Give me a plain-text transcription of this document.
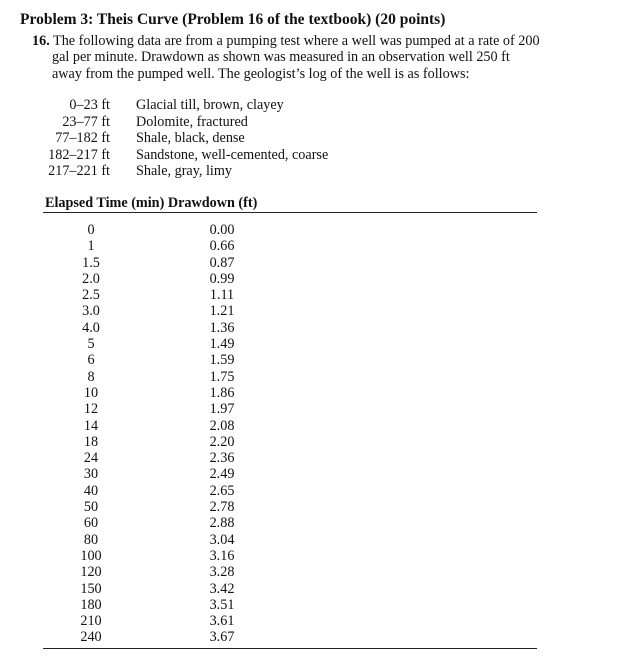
Problem 3: Theis Curve (Problem 16 of the textbook) (20 points)
16. The following data are from a pumping test where a well was pumped at a rate of 200
gal per minute. Drawdown as shown was measured in an observation well 250 ft
away from the pumped well. The geologist’s log of the well is as follows:
0–23 ft	Glacial till, brown, clayey
23–77 ft	Dolomite, fractured
77–182 ft	Shale, black, dense
182–217 ft	Sandstone, well-cemented, coarse
217–221 ft	Shale, gray, limy
Elapsed Time (min) Drawdown (ft)
0	0.00
1	0.66
1.5	0.87
2.0	0.99
2.5	1.11
3.0	1.21
4.0	1.36
5	1.49
6	1.59
8	1.75
10	1.86
12	1.97
14	2.08
18	2.20
24	2.36
30	2.49
40	2.65
50	2.78
60	2.88
80	3.04
100	3.16
120	3.28
150	3.42
180	3.51
210	3.61
240	3.67
